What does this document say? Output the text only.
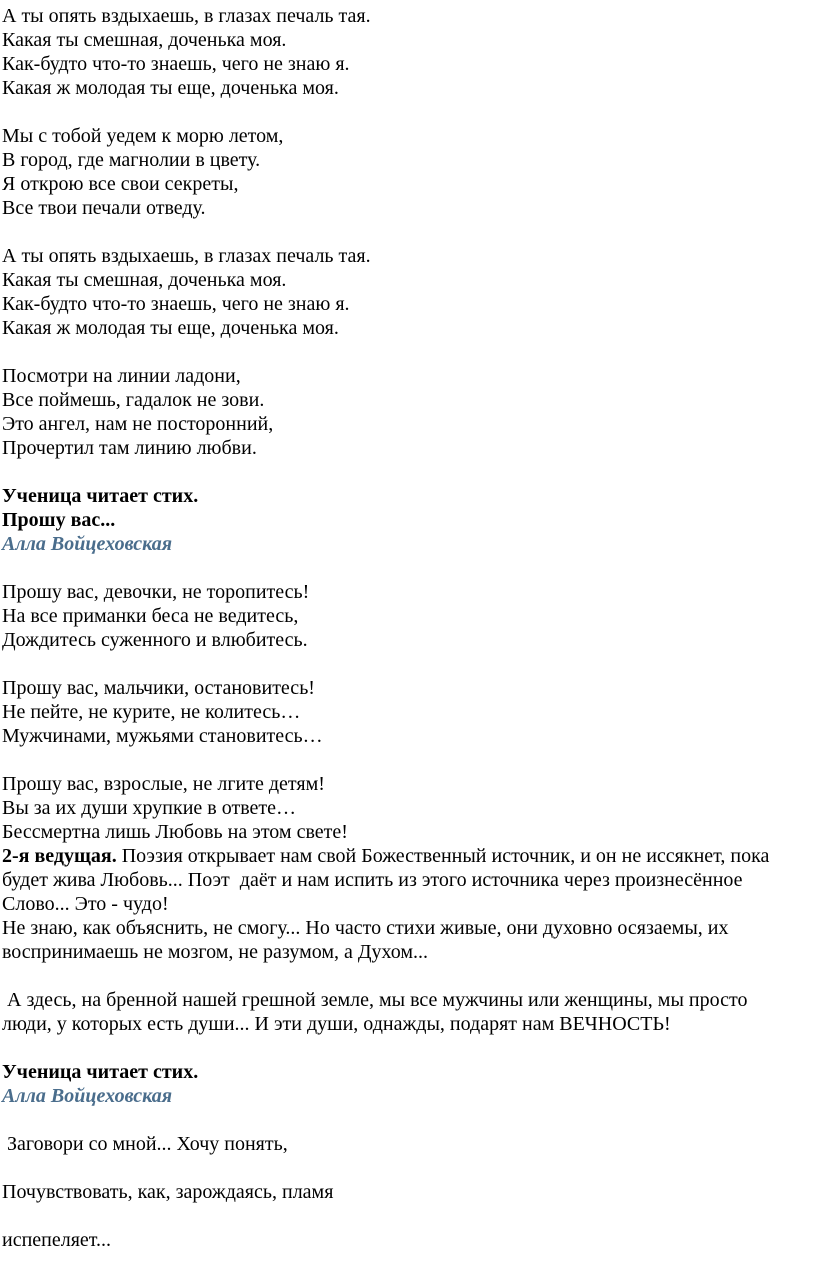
А ты опять вздыхаешь, в глазах печаль тая.

Какая ты смешная, доченька моя.

Как-будто что-то знаешь, чего не знаю я.

Какая ж молодая ты еще, доченька моя.

Мы с тобой уедем к морю летом,

В город, где магнолии в цвету.

Я открою все свои секреты,

Все твои печали отведу.

А ты опять вздыхаешь, в глазах печаль тая.

Какая ты смешная, доченька моя.

Как-будто что-то знаешь, чего не знаю я.

Какая ж молодая ты еще, доченька моя.

Посмотри на линии ладони,

Все поймешь, гадалок не зови.

Это ангел, нам не посторонний,

Прочертил там линию любви.

Ученица читает стих.

Прошу вас...

Алла Войцеховская

Прошу вас, девочки, не торопитесь!

На все приманки беса не ведитесь,

Дождитесь суженного и влюбитесь.

Прошу вас, мальчики, остановитесь!

Не пейте, не курите, не колитесь…

Мужчинами, мужьями становитесь…

Прошу вас, взрослые, не лгите детям!

Вы за их души хрупкие в ответе…

Бессмертна лишь Любовь на этом свете!

2-я ведущая. Поэзия открывает нам свой Божественный источник, и он не иссякнет, пока

будет жива Любовь... Поэт  даёт и нам испить из этого источника через произнесённое

Слово... Это - чудо!

Не знаю, как объяснить, не смогу... Но часто стихи живые, они духовно осязаемы, их

воспринимаешь не мозгом, не разумом, а Духом...

А здесь, на бренной нашей грешной земле, мы все мужчины или женщины, мы просто

люди, у которых есть души... И эти души, однажды, подарят нам ВЕЧНОСТЬ!

Ученица читает стих.

Алла Войцеховская

Заговори со мной... Хочу понять,

Почувствовать, как, зарождаясь, пламя

испепеляет...
